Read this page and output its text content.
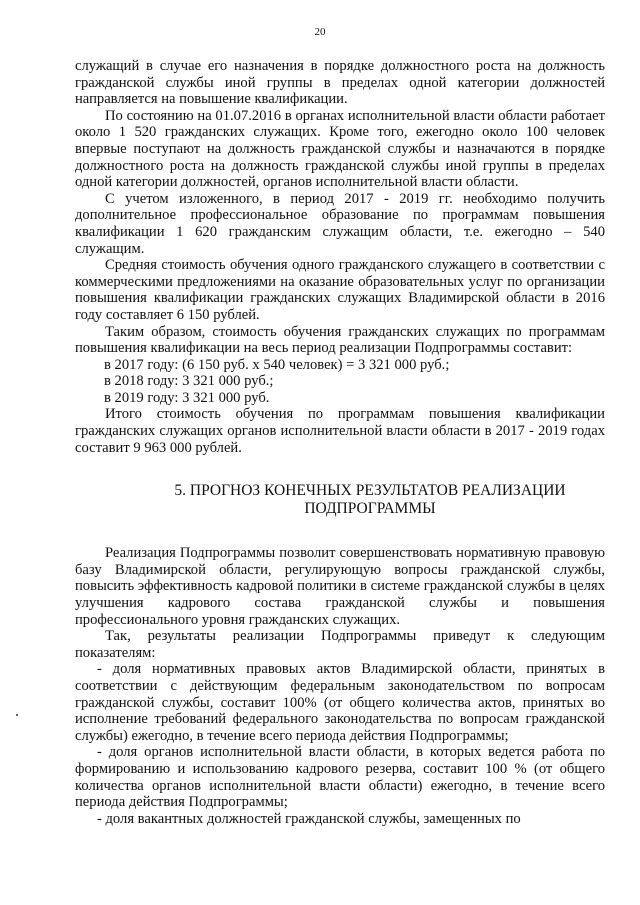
20

служащий в случае его назначения в порядке должностного роста на должность гражданской службы иной группы в пределах одной категории должностей направляется на повышение квалификации.

По состоянию на 01.07.2016 в органах исполнительной власти области работает около 1 520 гражданских служащих. Кроме того, ежегодно около 100 человек впервые поступают на должность гражданской службы и назначаются в порядке должностного роста на должность гражданской службы иной группы в пределах одной категории должностей, органов исполнительной власти области.

С учетом изложенного, в период 2017 - 2019 гг. необходимо получить дополнительное профессиональное образование по программам повышения квалификации 1 620 гражданским служащим области, т.е. ежегодно – 540 служащим.

Средняя стоимость обучения одного гражданского служащего в соответствии с коммерческими предложениями на оказание образовательных услуг по организации повышения квалификации гражданских служащих Владимирской области в 2016 году составляет 6 150 рублей.

Таким образом, стоимость обучения гражданских служащих по программам повышения квалификации на весь период реализации Подпрограммы составит:

в 2017 году: (6 150 руб. х 540 человек) = 3 321 000 руб.;

в 2018 году: 3 321 000 руб.;

в 2019 году: 3 321 000 руб.

Итого стоимость обучения по программам повышения квалификации гражданских служащих органов исполнительной власти области в 2017 - 2019 годах составит 9 963 000 рублей.

5. ПРОГНОЗ КОНЕЧНЫХ РЕЗУЛЬТАТОВ РЕАЛИЗАЦИИ ПОДПРОГРАММЫ

Реализация Подпрограммы позволит совершенствовать нормативную правовую базу Владимирской области, регулирующую вопросы гражданской службы, повысить эффективность кадровой политики в системе гражданской службы в целях улучшения кадрового состава гражданской службы и повышения профессионального уровня гражданских служащих.

Так, результаты реализации Подпрограммы приведут к следующим показателям:

- доля нормативных правовых актов Владимирской области, принятых в соответствии с действующим федеральным законодательством по вопросам гражданской службы, составит 100% (от общего количества актов, принятых во исполнение требований федерального законодательства по вопросам гражданской службы) ежегодно, в течение всего периода действия Подпрограммы;

- доля органов исполнительной власти области, в которых ведется работа по формированию и использованию кадрового резерва, составит 100 % (от общего количества органов исполнительной власти области) ежегодно, в течение всего периода действия Подпрограммы;

- доля вакантных должностей гражданской службы, замещенных по
